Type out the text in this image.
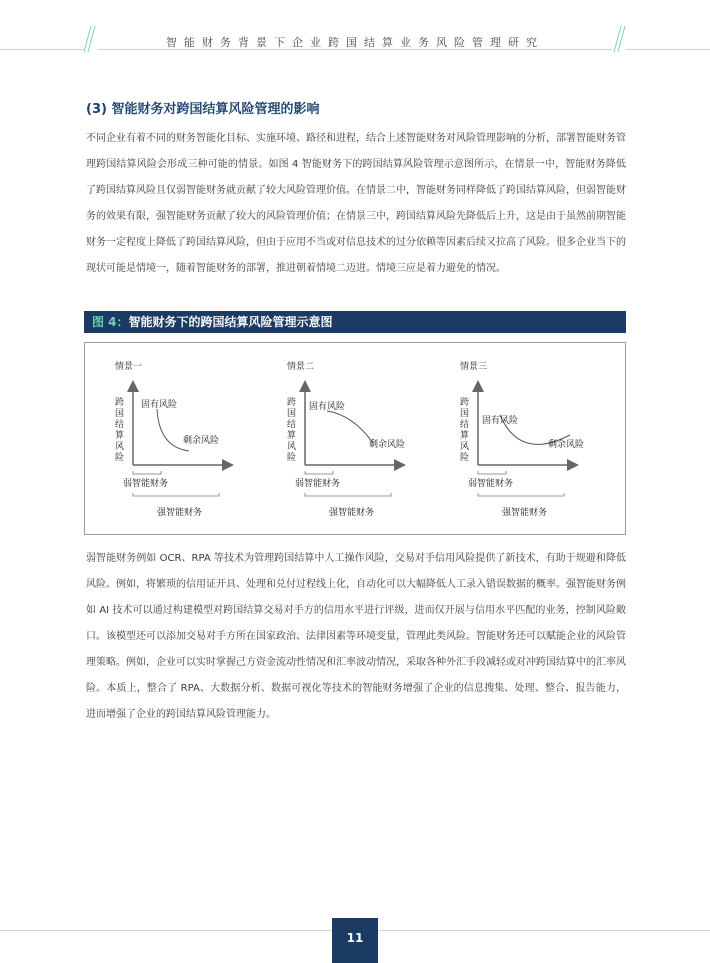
智能财务背景下企业跨国结算业务风险管理研究
(3) 智能财务对跨国结算风险管理的影响

不同企业有着不同的财务智能化目标、实施环境、路径和进程，结合上述智能财务对风险管理影响的分析，部署智能财务管理跨国结算风险会形成三种可能的情景。如图 4 智能财务下的跨国结算风险管理示意图所示，在情景一中，智能财务降低了跨国结算风险且仅弱智能财务就贡献了较大风险管理价值。在情景二中，智能财务同样降低了跨国结算风险，但弱智能财务的效果有限，强智能财务贡献了较大的风险管理价值；在情景三中，跨国结算风险先降低后上升，这是由于虽然前期智能财务一定程度上降低了跨国结算风险，但由于应用不当或对信息技术的过分依赖等因素后续又拉高了风险。很多企业当下的现状可能是情境一，随着智能财务的部署，推进朝着情境二迈进。情境三应是着力避免的情况。

图 4：智能财务下的跨国结算风险管理示意图
情景一
跨
国
结
算
风
险
固有风险
剩余风险
弱智能财务
强智能财务
情景二
跨
国
结
算
风
险
固有风险
剩余风险
弱智能财务
强智能财务
情景三
跨
国
结
算
风
险
固有风险
剩余风险
弱智能财务
强智能财务

弱智能财务例如 OCR、RPA 等技术为管理跨国结算中人工操作风险，交易对手信用风险提供了新技术，有助于规避和降低风险。例如，将繁琐的信用证开具、处理和兑付过程线上化，自动化可以大幅降低人工录入错误数据的概率。强智能财务例如 AI 技术可以通过构建模型对跨国结算交易对手方的信用水平进行评级，进而仅开展与信用水平匹配的业务，控制风险敞口。该模型还可以添加交易对手方所在国家政治、法律因素等环境变量，管理此类风险。智能财务还可以赋能企业的风险管理策略。例如，企业可以实时掌握己方资金流动性情况和汇率波动情况，采取各种外汇手段减轻或对冲跨国结算中的汇率风险。本质上，整合了 RPA、大数据分析、数据可视化等技术的智能财务增强了企业的信息搜集、处理、整合、报告能力，进而增强了企业的跨国结算风险管理能力。

11
